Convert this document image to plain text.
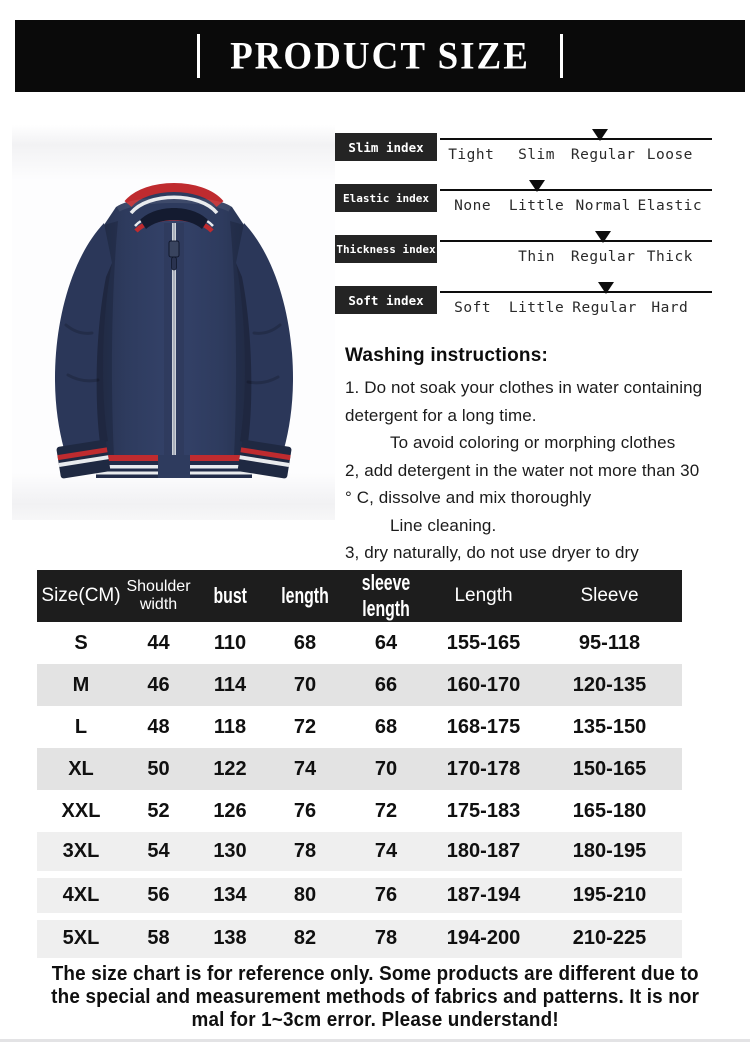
PRODUCT SIZE
Slim index	Tight Slim Regular Loose
Elastic index	None Little Normal Elastic
Thickness index	Thin Regular Thick
Soft index	Soft Little Regular Hard
Washing instructions:
1. Do not soak your clothes in water containing
detergent for a long time.
To avoid coloring or morphing clothes
2, add detergent in the water not more than 30
° C, dissolve and mix thoroughly
Line cleaning.
3, dry naturally, do not use dryer to dry
Size(CM)	Shoulder width	bust	length	sleeve length	Length	Sleeve
S	44	110	68	64	155-165	95-118
M	46	114	70	66	160-170	120-135
L	48	118	72	68	168-175	135-150
XL	50	122	74	70	170-178	150-165
XXL	52	126	76	72	175-183	165-180
3XL	54	130	78	74	180-187	180-195
4XL	56	134	80	76	187-194	195-210
5XL	58	138	82	78	194-200	210-225
The size chart is for reference only. Some products are different due to
the special and measurement methods of fabrics and patterns. It is nor
mal for 1~3cm error. Please understand!
